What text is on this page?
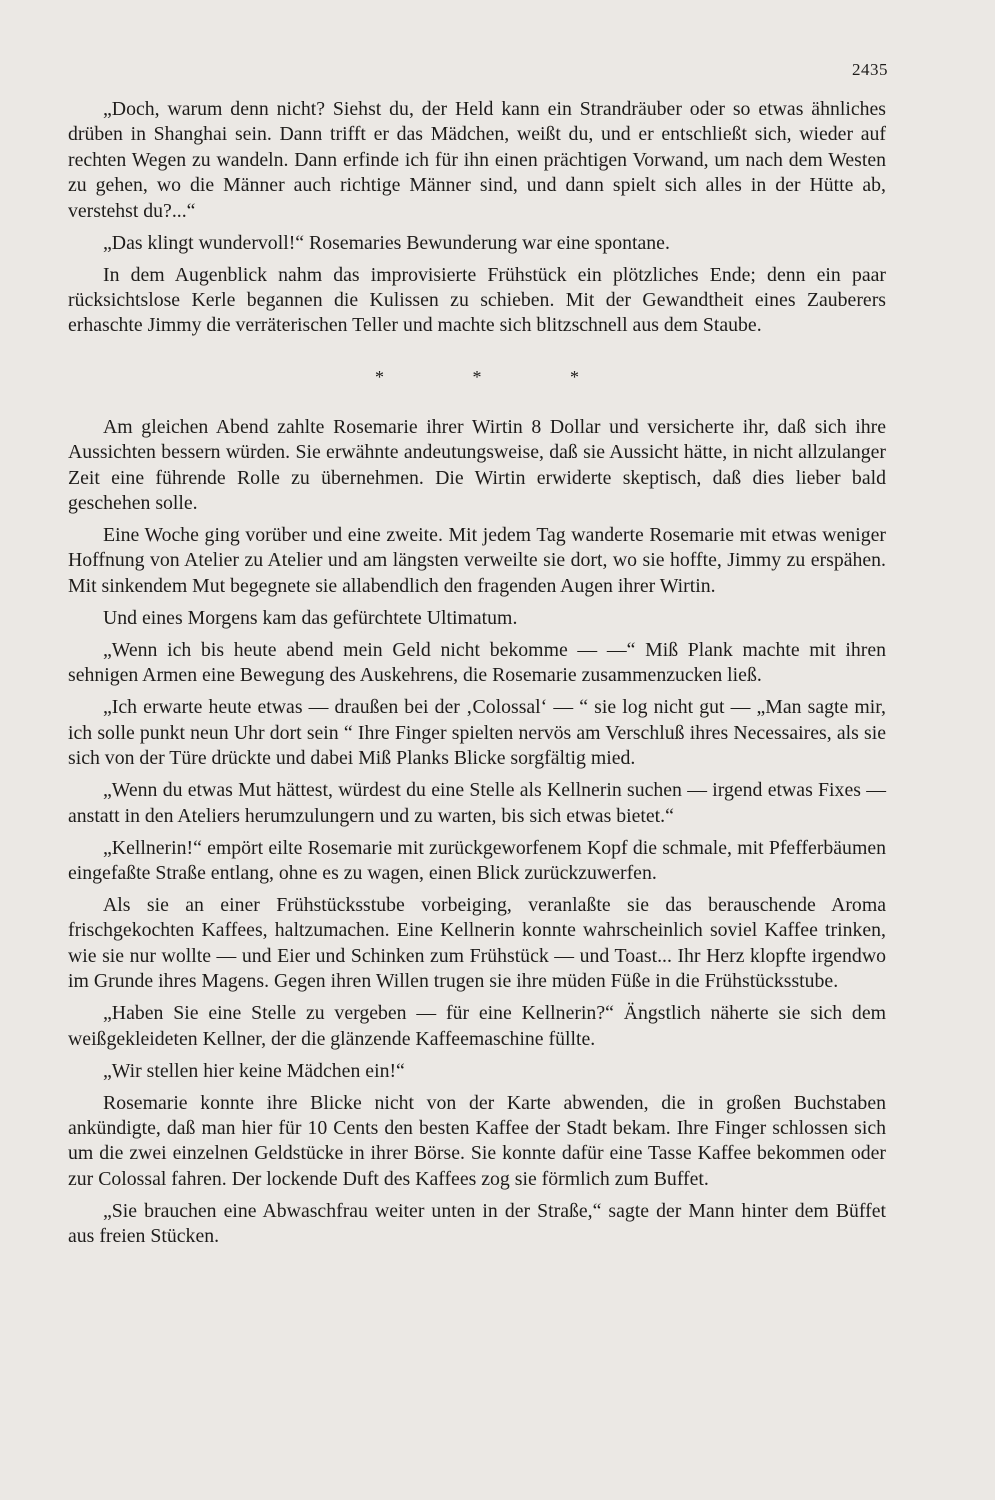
2435

„Doch, warum denn nicht? Siehst du, der Held kann ein Strandräuber oder so etwas ähnliches drüben in Shanghai sein. Dann trifft er das Mädchen, weißt du, und er entschließt sich, wieder auf rechten Wegen zu wandeln. Dann erfinde ich für ihn einen prächtigen Vorwand, um nach dem Westen zu gehen, wo die Männer auch richtige Männer sind, und dann spielt sich alles in der Hütte ab, verstehst du?...“

„Das klingt wundervoll!“ Rosemaries Bewunderung war eine spontane.

In dem Augenblick nahm das improvisierte Frühstück ein plötzliches Ende; denn ein paar rücksichtslose Kerle begannen die Kulissen zu schieben. Mit der Gewandtheit eines Zauberers erhaschte Jimmy die verräterischen Teller und machte sich blitzschnell aus dem Staube.

* * *

Am gleichen Abend zahlte Rosemarie ihrer Wirtin 8 Dollar und versicherte ihr, daß sich ihre Aussichten bessern würden. Sie erwähnte andeutungsweise, daß sie Aussicht hätte, in nicht allzulanger Zeit eine führende Rolle zu übernehmen. Die Wirtin erwiderte skeptisch, daß dies lieber bald geschehen solle.

Eine Woche ging vorüber und eine zweite. Mit jedem Tag wanderte Rosemarie mit etwas weniger Hoffnung von Atelier zu Atelier und am längsten verweilte sie dort, wo sie hoffte, Jimmy zu erspähen. Mit sinkendem Mut begegnete sie allabendlich den fragenden Augen ihrer Wirtin.

Und eines Morgens kam das gefürchtete Ultimatum.

„Wenn ich bis heute abend mein Geld nicht bekomme — —“ Miß Plank machte mit ihren sehnigen Armen eine Bewegung des Auskehrens, die Rosemarie zusammenzucken ließ.

„Ich erwarte heute etwas — draußen bei der ‚Colossal‘ — “ sie log nicht gut — „Man sagte mir, ich solle punkt neun Uhr dort sein “ Ihre Finger spielten nervös am Verschluß ihres Necessaires, als sie sich von der Türe drückte und dabei Miß Planks Blicke sorgfältig mied.

„Wenn du etwas Mut hättest, würdest du eine Stelle als Kellnerin suchen — irgend etwas Fixes — anstatt in den Ateliers herumzulungern und zu warten, bis sich etwas bietet.“

„Kellnerin!“ empört eilte Rosemarie mit zurückgeworfenem Kopf die schmale, mit Pfefferbäumen eingefaßte Straße entlang, ohne es zu wagen, einen Blick zurückzuwerfen.

Als sie an einer Frühstücksstube vorbeiging, veranlaßte sie das berauschende Aroma frischgekochten Kaffees, haltzumachen. Eine Kellnerin konnte wahrscheinlich soviel Kaffee trinken, wie sie nur wollte — und Eier und Schinken zum Frühstück — und Toast... Ihr Herz klopfte irgendwo im Grunde ihres Magens. Gegen ihren Willen trugen sie ihre müden Füße in die Frühstücksstube.

„Haben Sie eine Stelle zu vergeben — für eine Kellnerin?“ Ängstlich näherte sie sich dem weißgekleideten Kellner, der die glänzende Kaffeemaschine füllte.

„Wir stellen hier keine Mädchen ein!“

Rosemarie konnte ihre Blicke nicht von der Karte abwenden, die in großen Buchstaben ankündigte, daß man hier für 10 Cents den besten Kaffee der Stadt bekam. Ihre Finger schlossen sich um die zwei einzelnen Geldstücke in ihrer Börse. Sie konnte dafür eine Tasse Kaffee bekommen oder zur Colossal fahren. Der lockende Duft des Kaffees zog sie förmlich zum Buffet.

„Sie brauchen eine Abwaschfrau weiter unten in der Straße,“ sagte der Mann hinter dem Büffet aus freien Stücken.
